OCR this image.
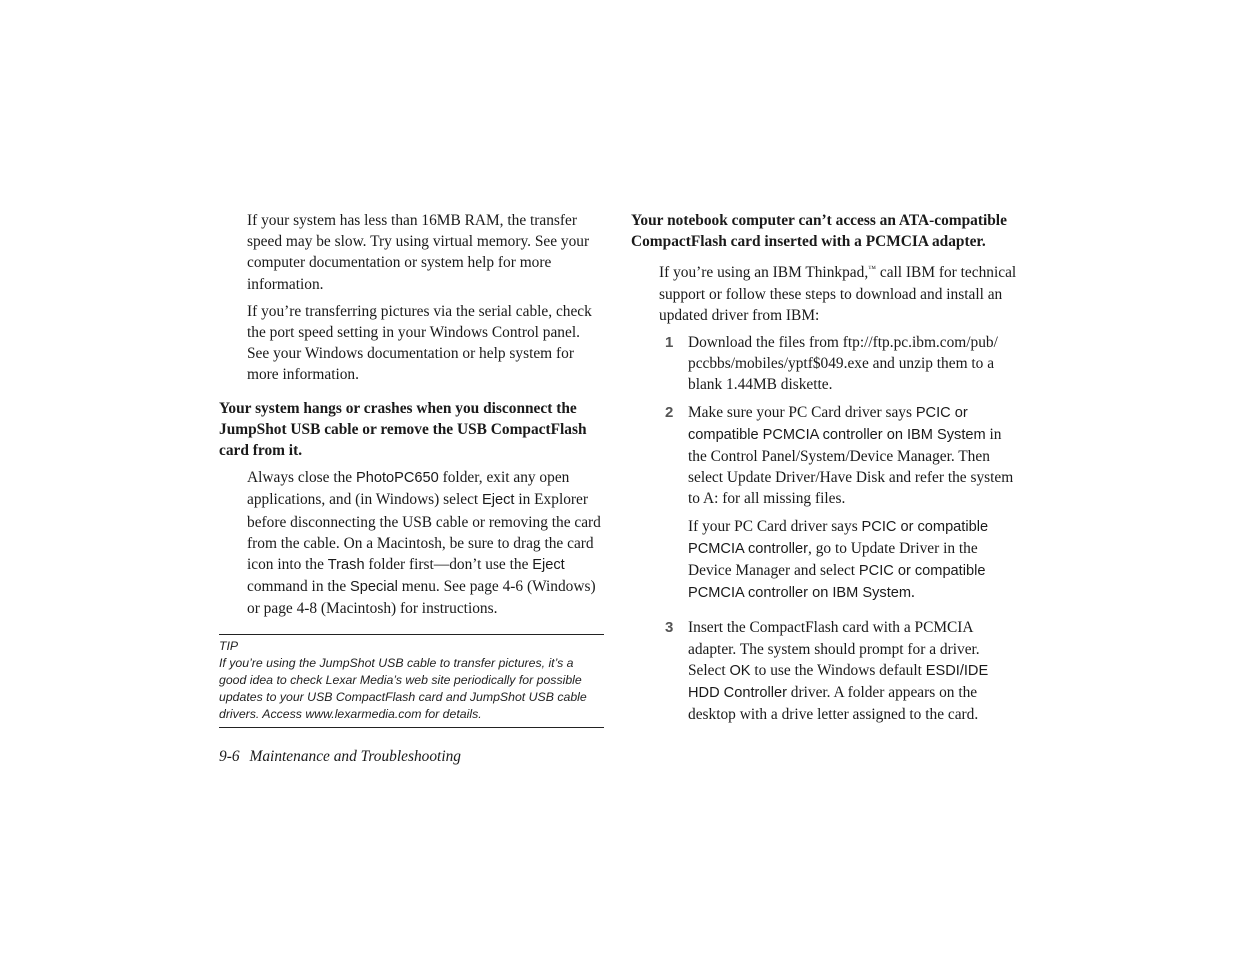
If your system has less than 16MB RAM, the transfer speed may be slow. Try using virtual memory. See your computer documentation or system help for more information.

If you’re transferring pictures via the serial cable, check the port speed setting in your Windows Control panel. See your Windows documentation or help system for more information.

Your system hangs or crashes when you disconnect the JumpShot USB cable or remove the USB CompactFlash card from it.

Always close the PhotoPC650 folder, exit any open applications, and (in Windows) select Eject in Explorer before disconnecting the USB cable or removing the card from the cable. On a Macintosh, be sure to drag the card icon into the Trash folder first—don’t use the Eject command in the Special menu. See page 4-6 (Windows) or page 4-8 (Macintosh) for instructions.

TIP
If you’re using the JumpShot USB cable to transfer pictures, it’s a good idea to check Lexar Media’s web site periodically for possible updates to your USB CompactFlash card and JumpShot USB cable drivers. Access www.lexarmedia.com for details.

Your notebook computer can’t access an ATA-compatible CompactFlash card inserted with a PCMCIA adapter.

If you’re using an IBM Thinkpad,™ call IBM for technical support or follow these steps to download and install an updated driver from IBM:

1 Download the files from ftp://ftp.pc.ibm.com/pub/ pccbbs/mobiles/yptf$049.exe and unzip them to a blank 1.44MB diskette.
2 Make sure your PC Card driver says PCIC or compatible PCMCIA controller on IBM System in the Control Panel/System/Device Manager. Then select Update Driver/Have Disk and refer the system to A: for all missing files.

If your PC Card driver says PCIC or compatible PCMCIA controller, go to Update Driver in the Device Manager and select PCIC or compatible PCMCIA controller on IBM System.

3 Insert the CompactFlash card with a PCMCIA adapter. The system should prompt for a driver. Select OK to use the Windows default ESDI/IDE HDD Controller driver. A folder appears on the desktop with a drive letter assigned to the card.
9-6 Maintenance and Troubleshooting
